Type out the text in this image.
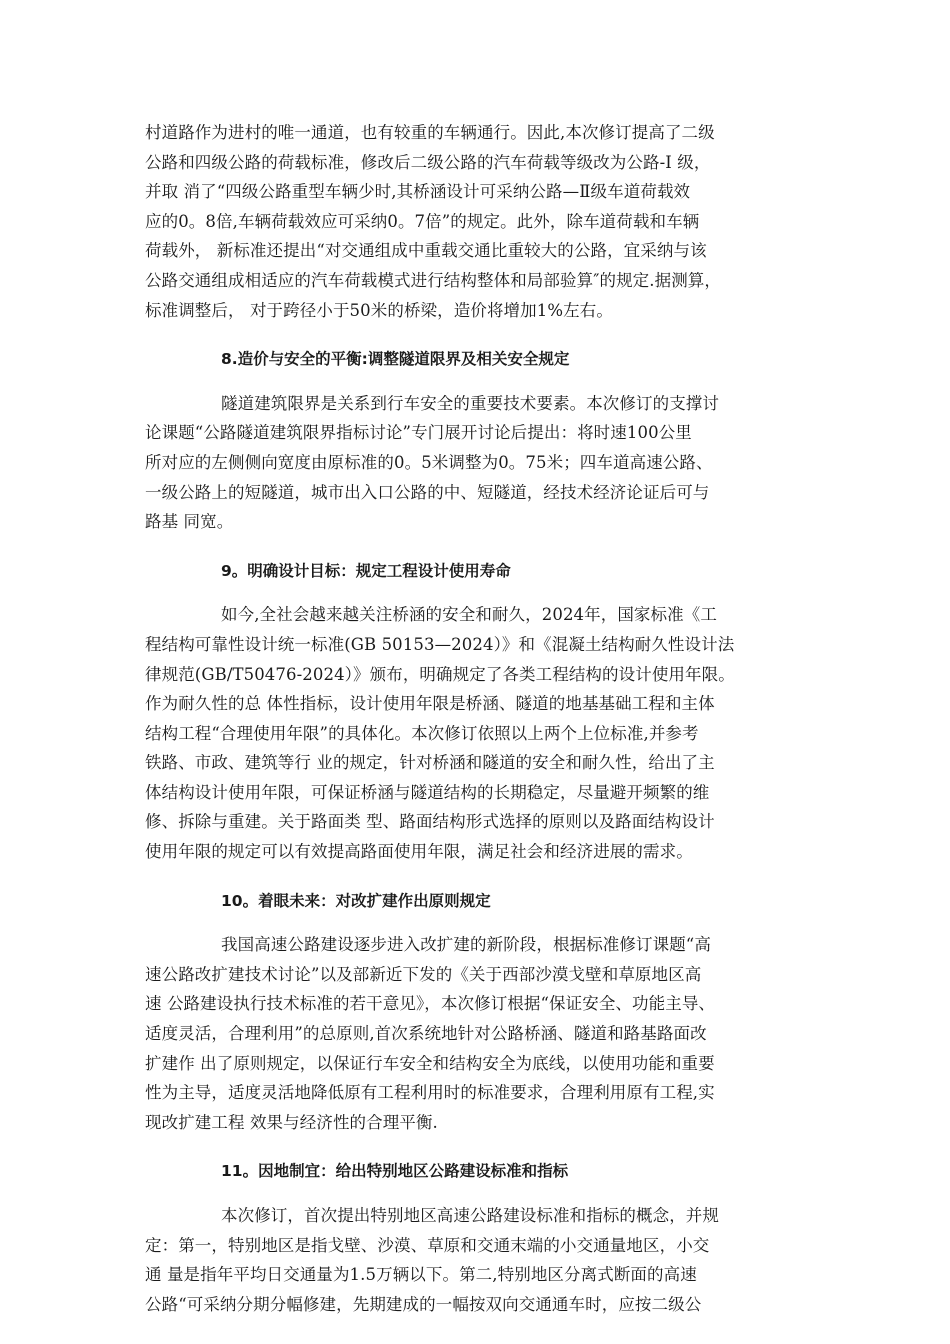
村道路作为进村的唯一通道，也有较重的车辆通行。因此,本次修订提高了二级
公路和四级公路的荷载标准，修改后二级公路的汽车荷载等级改为公路-Ⅰ 级，
并取 消了“四级公路重型车辆少时,其桥涵设计可采纳公路—Ⅱ级车道荷载效
应的0。8倍,车辆荷载效应可采纳0。7倍”的规定。此外，除车道荷载和车辆
荷载外， 新标准还提出“对交通组成中重载交通比重较大的公路，宜采纳与该
公路交通组成相适应的汽车荷载模式进行结构整体和局部验算″的规定.据测算，
标准调整后， 对于跨径小于50米的桥梁，造价将增加1%左右。
8.造价与安全的平衡:调整隧道限界及相关安全规定
隧道建筑限界是关系到行车安全的重要技术要素。本次修订的支撑讨
论课题“公路隧道建筑限界指标讨论”专门展开讨论后提出：将时速100公里
所对应的左侧侧向宽度由原标准的0。5米调整为0。75米；四车道高速公路、
一级公路上的短隧道，城市出入口公路的中、短隧道，经技术经济论证后可与
路基 同宽。
9。明确设计目标：规定工程设计使用寿命
如今,全社会越来越关注桥涵的安全和耐久，2024年，国家标准《工
程结构可靠性设计统一标准(GB 50153—2024）》和《混凝土结构耐久性设计法
律规范(GB/T50476-2024）》颁布，明确规定了各类工程结构的设计使用年限。
作为耐久性的总 体性指标，设计使用年限是桥涵、隧道的地基基础工程和主体
结构工程“合理使用年限”的具体化。本次修订依照以上两个上位标准,并参考
铁路、市政、建筑等行 业的规定，针对桥涵和隧道的安全和耐久性，给出了主
体结构设计使用年限，可保证桥涵与隧道结构的长期稳定，尽量避开频繁的维
修、拆除与重建。关于路面类 型、路面结构形式选择的原则以及路面结构设计
使用年限的规定可以有效提高路面使用年限，满足社会和经济进展的需求。
10。着眼未来：对改扩建作出原则规定
我国高速公路建设逐步进入改扩建的新阶段，根据标准修订课题“高
速公路改扩建技术讨论”以及部新近下发的《关于西部沙漠戈壁和草原地区高
速 公路建设执行技术标准的若干意见》，本次修订根据“保证安全、功能主导、
适度灵活，合理利用”的总原则,首次系统地针对公路桥涵、隧道和路基路面改
扩建作 出了原则规定，以保证行车安全和结构安全为底线，以使用功能和重要
性为主导，适度灵活地降低原有工程利用时的标准要求，合理利用原有工程,实
现改扩建工程 效果与经济性的合理平衡.
11。因地制宜：给出特别地区公路建设标准和指标
本次修订，首次提出特别地区高速公路建设标准和指标的概念，并规
定：第一，特别地区是指戈壁、沙漠、草原和交通末端的小交通量地区，小交
通 量是指年平均日交通量为1.5万辆以下。第二,特别地区分离式断面的高速
公路“可采纳分期分幅修建，先期建成的一幅按双向交通通车时，应按二级公
